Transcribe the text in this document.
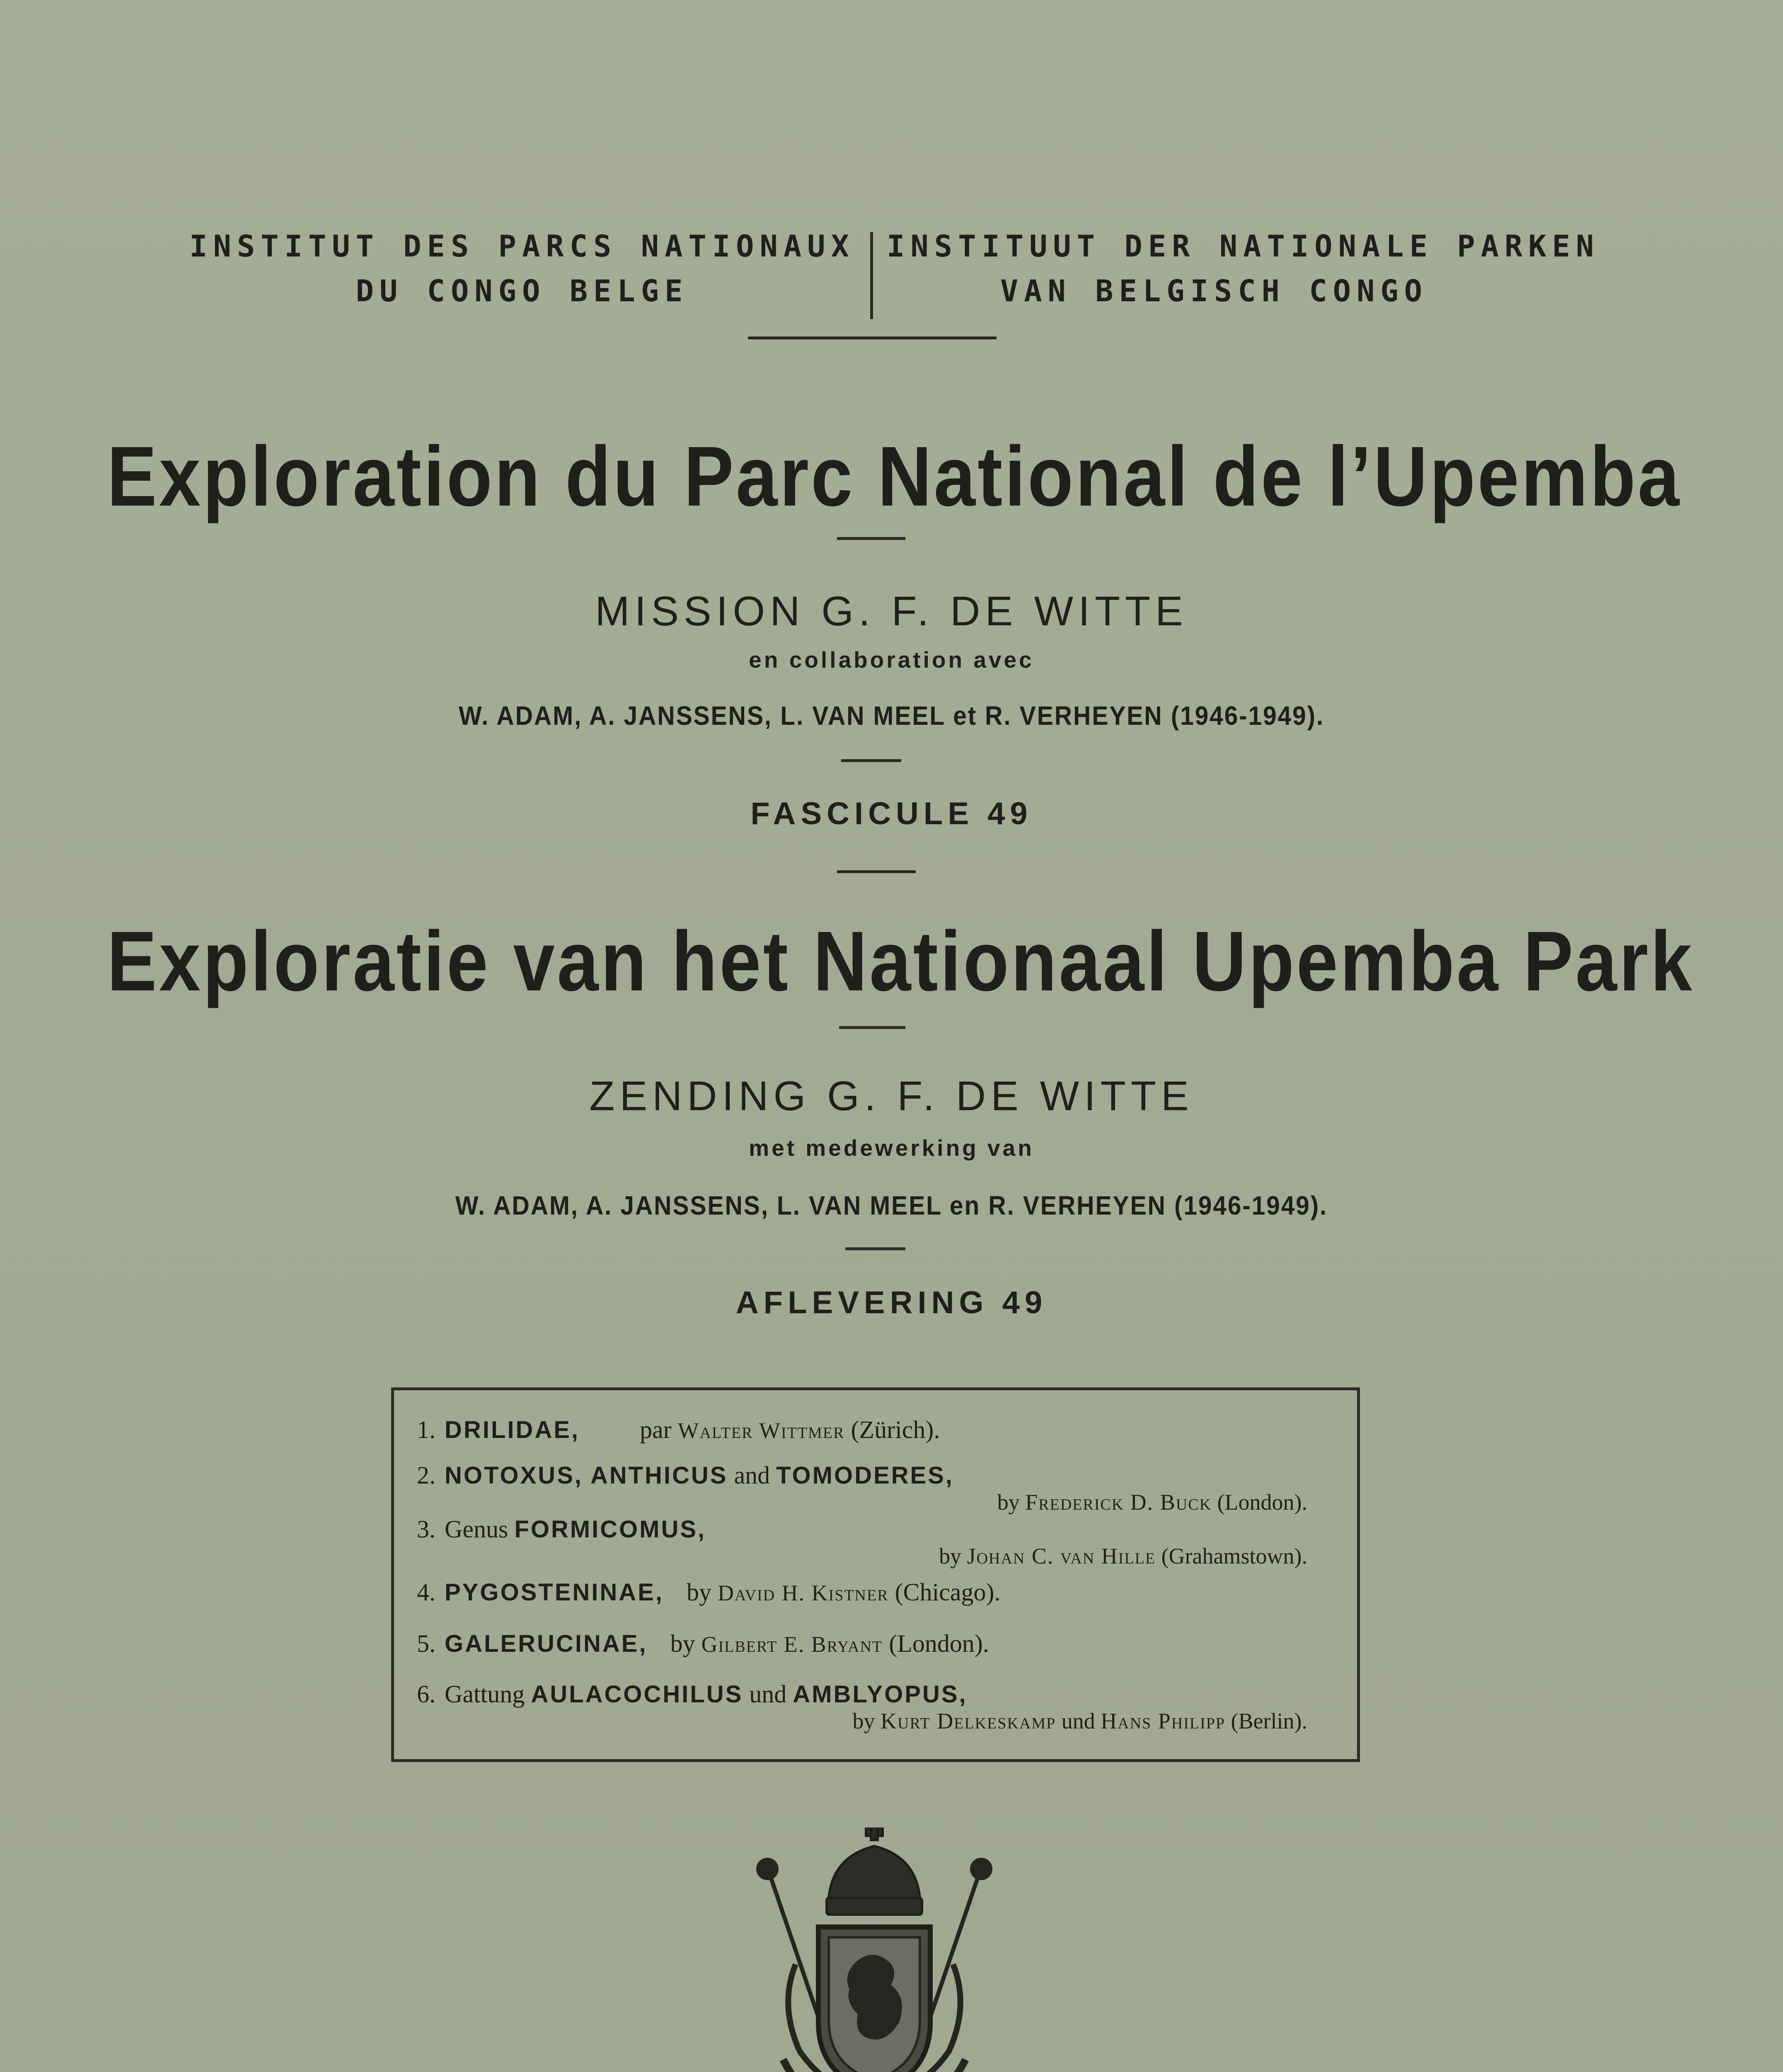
INSTITUT DES PARCS NATIONAUX
DU CONGO BELGE
INSTITUUT DER NATIONALE PARKEN
VAN BELGISCH CONGO
Exploration du Parc National de l’Upemba
MISSION G. F. DE WITTE
en collaboration avec
W. ADAM, A. JANSSENS, L. VAN MEEL et R. VERHEYEN (1946-1949).
FASCICULE 49
Exploratie van het Nationaal Upemba Park
ZENDING G. F. DE WITTE
met medewerking van
W. ADAM, A. JANSSENS, L. VAN MEEL en R. VERHEYEN (1946-1949).
AFLEVERING 49
1. DRILIDAE, par Walter Wittmer (Zürich).
2. NOTOXUS, ANTHICUS and TOMODERES,
by Frederick D. Buck (London).
3. Genus FORMICOMUS,
by Johan C. van Hille (Grahamstown).
4. PYGOSTENINAE, by David H. Kistner (Chicago).
5. GALERUCINAE, by Gilbert E. Bryant (London).
6. Gattung AULACOCHILUS und AMBLYOPUS,
by Kurt Delkeskamp und Hans Philipp (Berlin).
